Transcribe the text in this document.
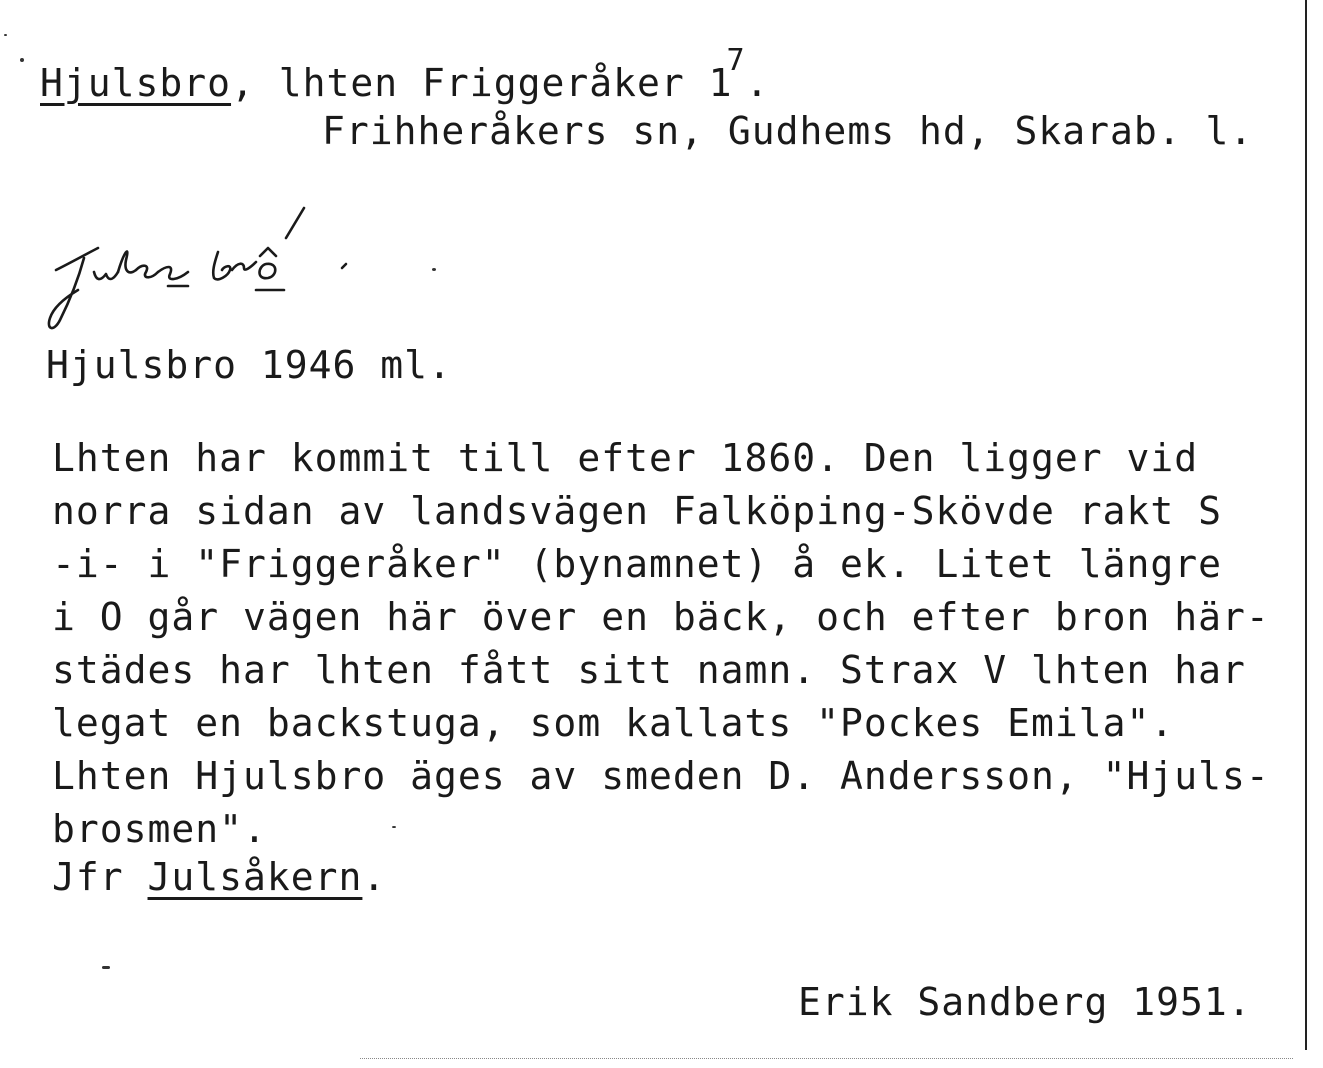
Hjulsbro, lhten Friggeråker $1^7$.
Frihheråkers sn, Gudhems hd, Skarab. l.
Hjulsbro 1946 ml.
Lhten har kommit till efter 1860. Den ligger vid
norra sidan av landsvägen Falköping-Skövde rakt S
-i- i "Friggeråker" (bynamnet) å ek. Litet längre
i O går vägen här över en bäck, och efter bron här-
städes har lhten fått sitt namn. Strax V lhten har
legat en backstuga, som kallats "Pockes Emila".
Lhten Hjulsbro äges av smeden D. Andersson, "Hjuls-
brosmen".
Jfr Julsåkern.
Erik Sandberg 1951.
